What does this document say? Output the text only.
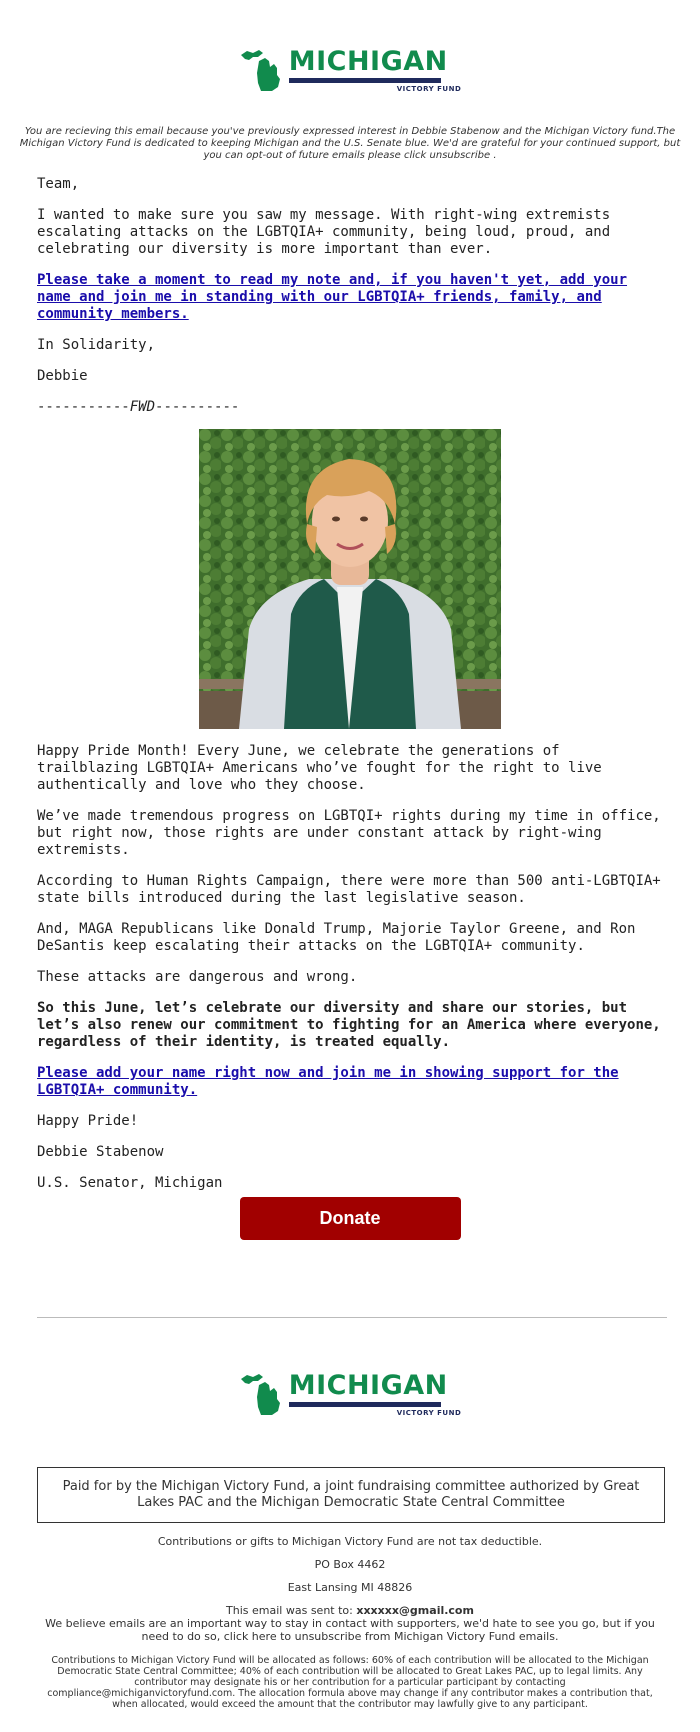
MICHIGAN
VICTORY FUND

You are recieving this email because you've previously expressed interest in Debbie Stabenow and the Michigan Victory fund.The Michigan Victory Fund is dedicated to keeping Michigan and the U.S. Senate blue. We'd are grateful for your continued support, but you can opt-out of future emails please click unsubscribe .

Team,

I wanted to make sure you saw my message. With right-wing extremists escalating attacks on the LGBTQIA+ community, being loud, proud, and celebrating our diversity is more important than ever.

Please take a moment to read my note and, if you haven't yet, add your name and join me in standing with our LGBTQIA+ friends, family, and community members.

In Solidarity,

Debbie

-----------FWD----------

Happy Pride Month! Every June, we celebrate the generations of trailblazing LGBTQIA+ Americans who’ve fought for the right to live authentically and love who they choose.

We’ve made tremendous progress on LGBTQI+ rights during my time in office, but right now, those rights are under constant attack by right-wing extremists.

According to Human Rights Campaign, there were more than 500 anti-LGBTQIA+ state bills introduced during the last legislative season.

And, MAGA Republicans like Donald Trump, Majorie Taylor Greene, and Ron DeSantis keep escalating their attacks on the LGBTQIA+ community.

These attacks are dangerous and wrong.

So this June, let’s celebrate our diversity and share our stories, but let’s also renew our commitment to fighting for an America where everyone, regardless of their identity, is treated equally.

Please add your name right now and join me in showing support for the LGBTQIA+ community.

Happy Pride!

Debbie Stabenow

U.S. Senator, Michigan

Donate
MICHIGAN
VICTORY FUND
Paid for by the Michigan Victory Fund, a joint fundraising committee authorized by Great Lakes PAC and the Michigan Democratic State Central Committee

Contributions or gifts to Michigan Victory Fund are not tax deductible.

PO Box 4462

East Lansing MI 48826

This email was sent to: xxxxxx@gmail.com

We believe emails are an important way to stay in contact with supporters, we'd hate to see you go, but if you need to do so, click here to unsubscribe from Michigan Victory Fund emails.

Contributions to Michigan Victory Fund will be allocated as follows: 60% of each contribution will be allocated to the Michigan Democratic State Central Committee; 40% of each contribution will be allocated to Great Lakes PAC, up to legal limits. Any contributor may designate his or her contribution for a particular participant by contacting compliance@michiganvictoryfund.com. The allocation formula above may change if any contributor makes a contribution that, when allocated, would exceed the amount that the contributor may lawfully give to any participant.
